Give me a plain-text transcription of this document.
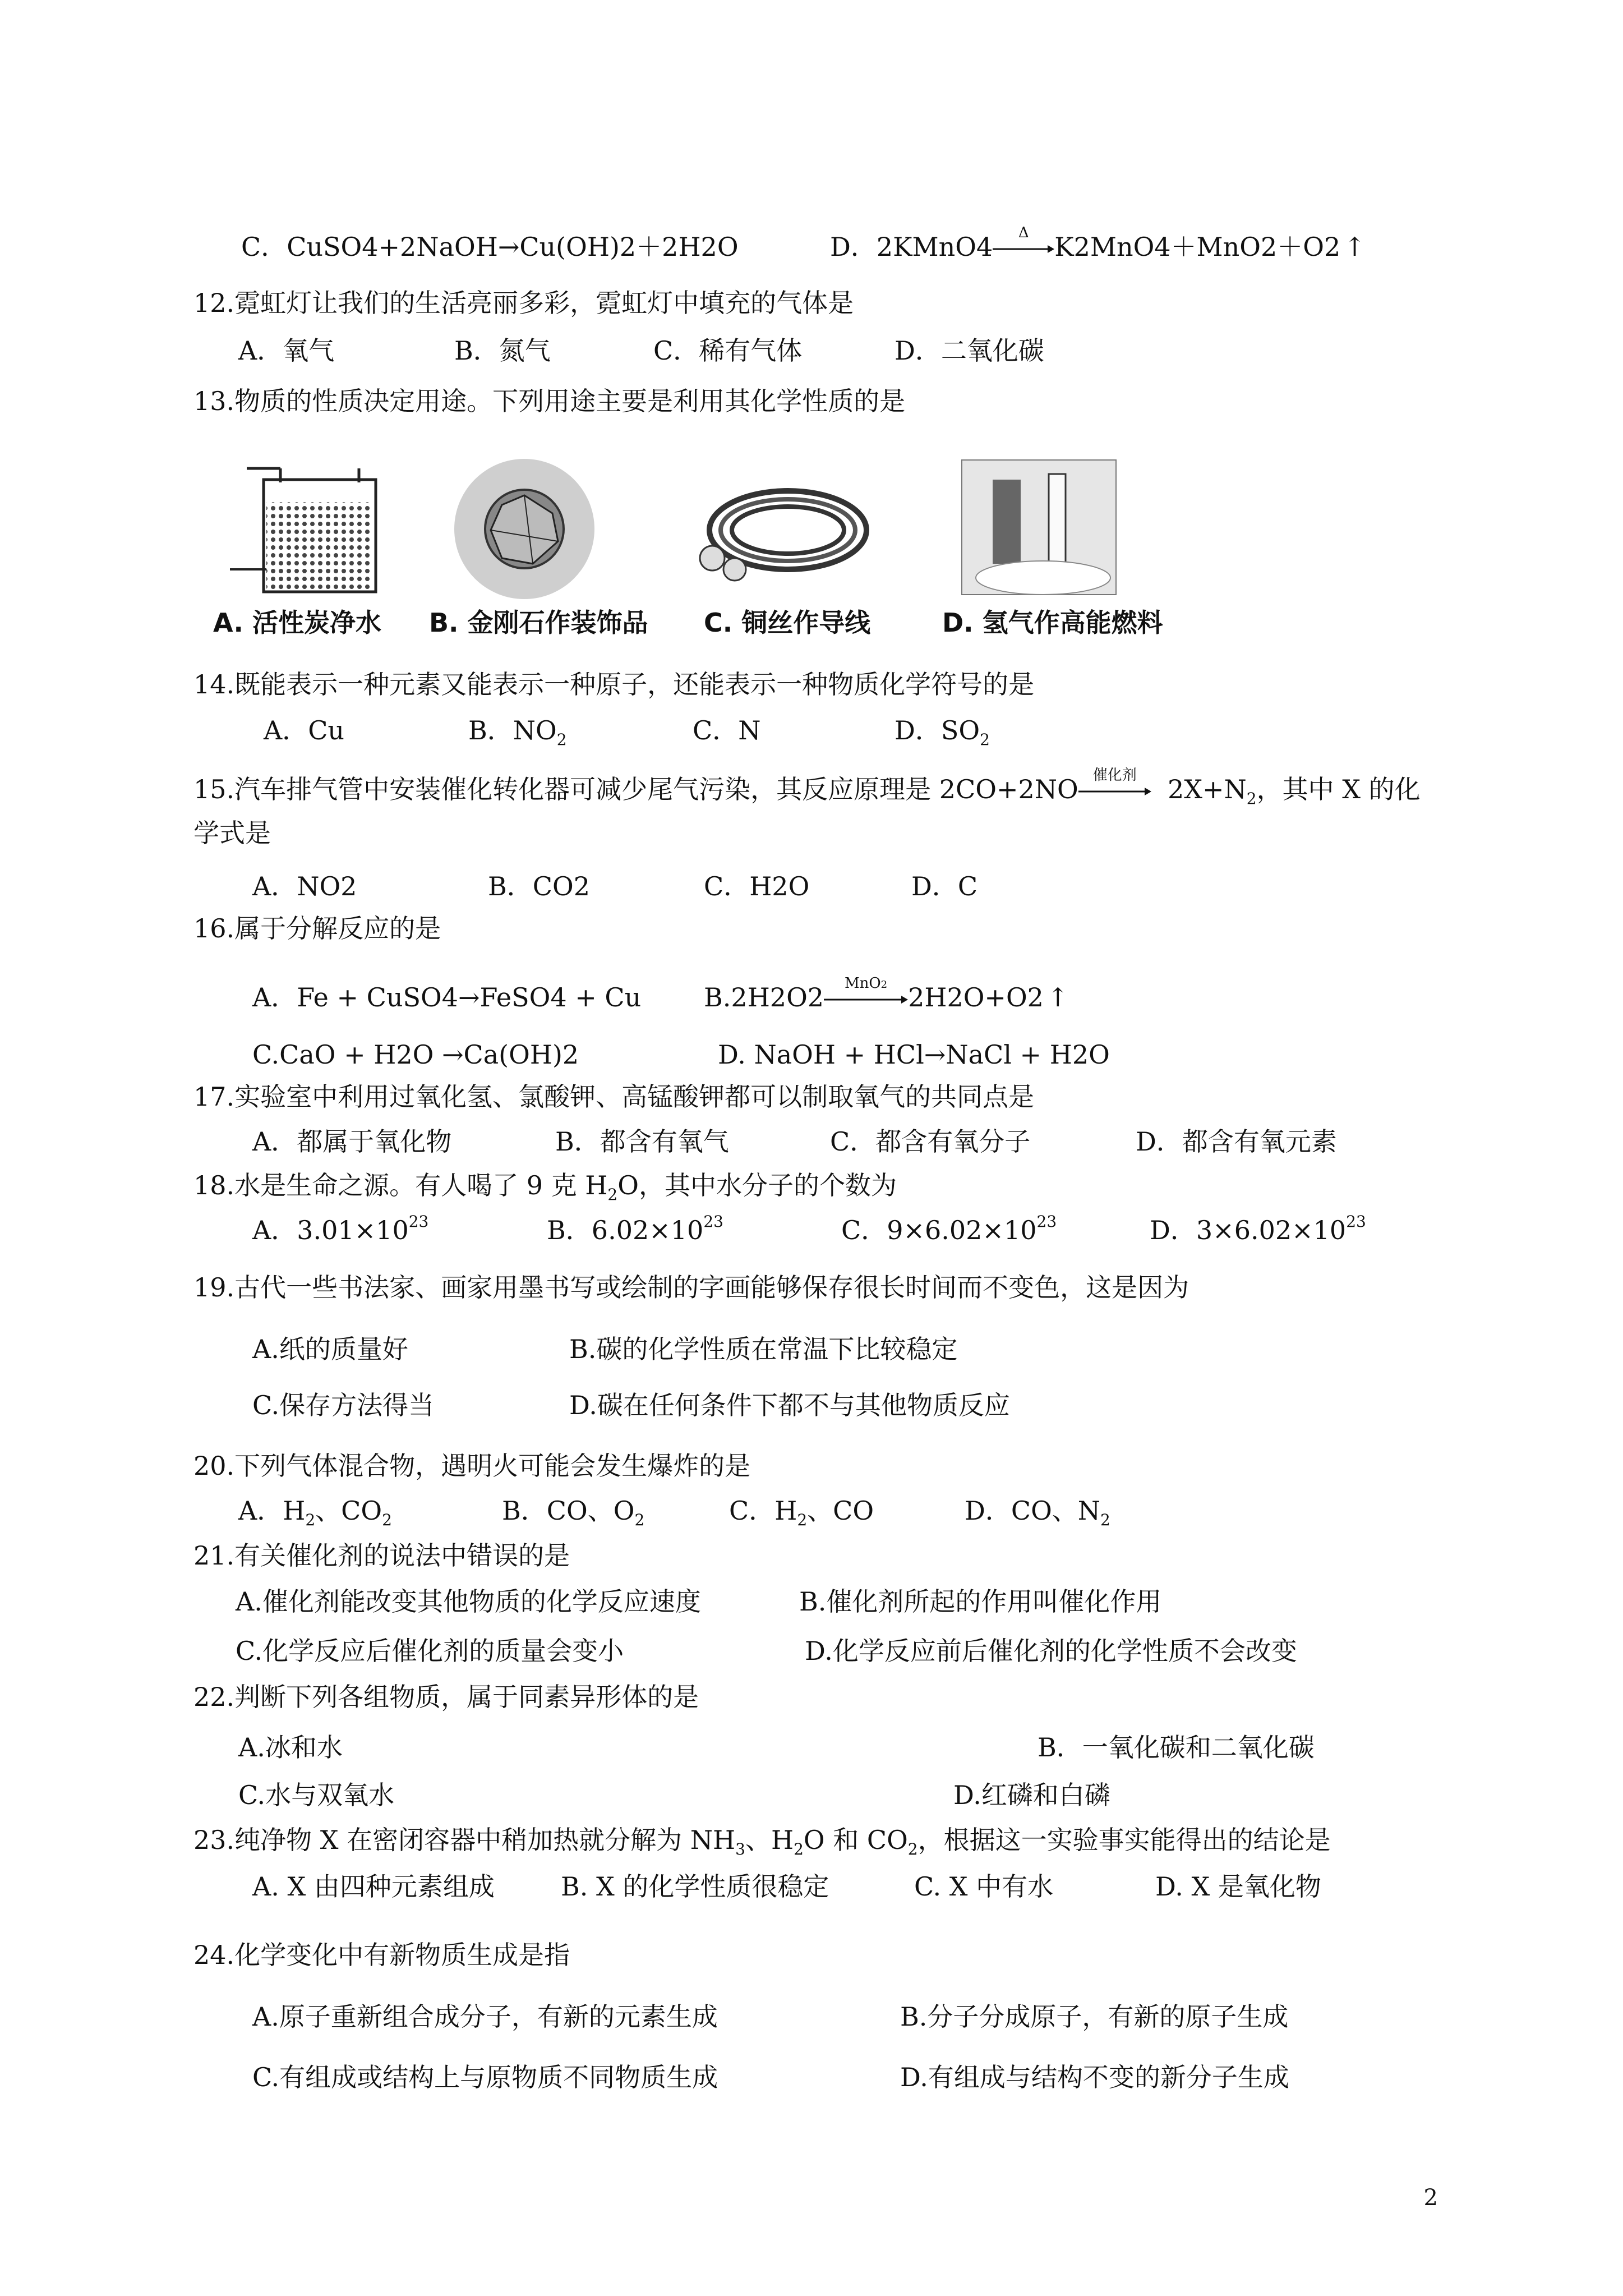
C．CuSO4+2NaOH→Cu(OH)2＋2H2O	D．2KMnO4	Δ K2MnO4＋MnO2＋O2 ↑
12.霓虹灯让我们的生活亮丽多彩，霓虹灯中填充的气体是
A．氧气	B．氮气	C．稀有气体	D．二氧化碳
13.物质的性质决定用途。下列用途主要是利用其化学性质的是
A. 活性炭净水 B. 金刚石作装饰品 C. 铜丝作导线	D. 氢气作高能燃料
14.既能表示一种元素又能表示一种原子，还能表示一种物质化学符号的是
A．Cu	B．$NO_2$	C．N	D．$SO_2$
15.汽车排气管中安装催化转化器可减少尾气污染，其反应原理是 2CO+2NO 催化剂	$2X+N_2$，其中 X 的化
学式是
A．NO2	B．CO2	C．H2O	D．C
16.属于分解反应的是
A．Fe + CuSO4→FeSO4 + Cu B.2H2O2	MnO2 2H2O+O2 ↑
C.CaO + H2O →Ca(OH)2	D. NaOH + HCl→NaCl + H2O
17.实验室中利用过氧化氢、氯酸钾、高锰酸钾都可以制取氧气的共同点是
A．都属于氧化物	B．都含有氧气	C．都含有氧分子	D．都含有氧元素
18.水是生命之源。有人喝了 9 克 $H_2O$，其中水分子的个数为
A．$3.01\times 10^{23}$	B．$6.02\times 10^{23}$	C．$9\times 6.02\times 10^{23}$	D．$3\times 6.02\times 10^{23}$
19.古代一些书法家、画家用墨书写或绘制的字画能够保存很长时间而不变色，这是因为
A.纸的质量好	B.碳的化学性质在常温下比较稳定
C.保存方法得当	D.碳在任何条件下都不与其他物质反应
20.下列气体混合物，遇明火可能会发生爆炸的是
A．$H_2$、$CO_2$	B．CO、$O_2$	C．$H_2$、CO	D．CO、$N_2$
21.有关催化剂的说法中错误的是
A.催化剂能改变其他物质的化学反应速度	B.催化剂所起的作用叫催化作用
C.化学反应后催化剂的质量会变小	D.化学反应前后催化剂的化学性质不会改变
22.判断下列各组物质，属于同素异形体的是
A.冰和水	B．一氧化碳和二氧化碳
C.水与双氧水	D.红磷和白磷
23.纯净物 X 在密闭容器中稍加热就分解为 $NH_3$、$H_2O$ 和 $CO_2$，根据这一实验事实能得出的结论是
A. X 由四种元素组成	B. X 的化学性质很稳定	C. X 中有水	D. X 是氧化物
24.化学变化中有新物质生成是指
A.原子重新组合成分子，有新的元素生成	B.分子分成原子，有新的原子生成
C.有组成或结构上与原物质不同物质生成	D.有组成与结构不变的新分子生成
2
